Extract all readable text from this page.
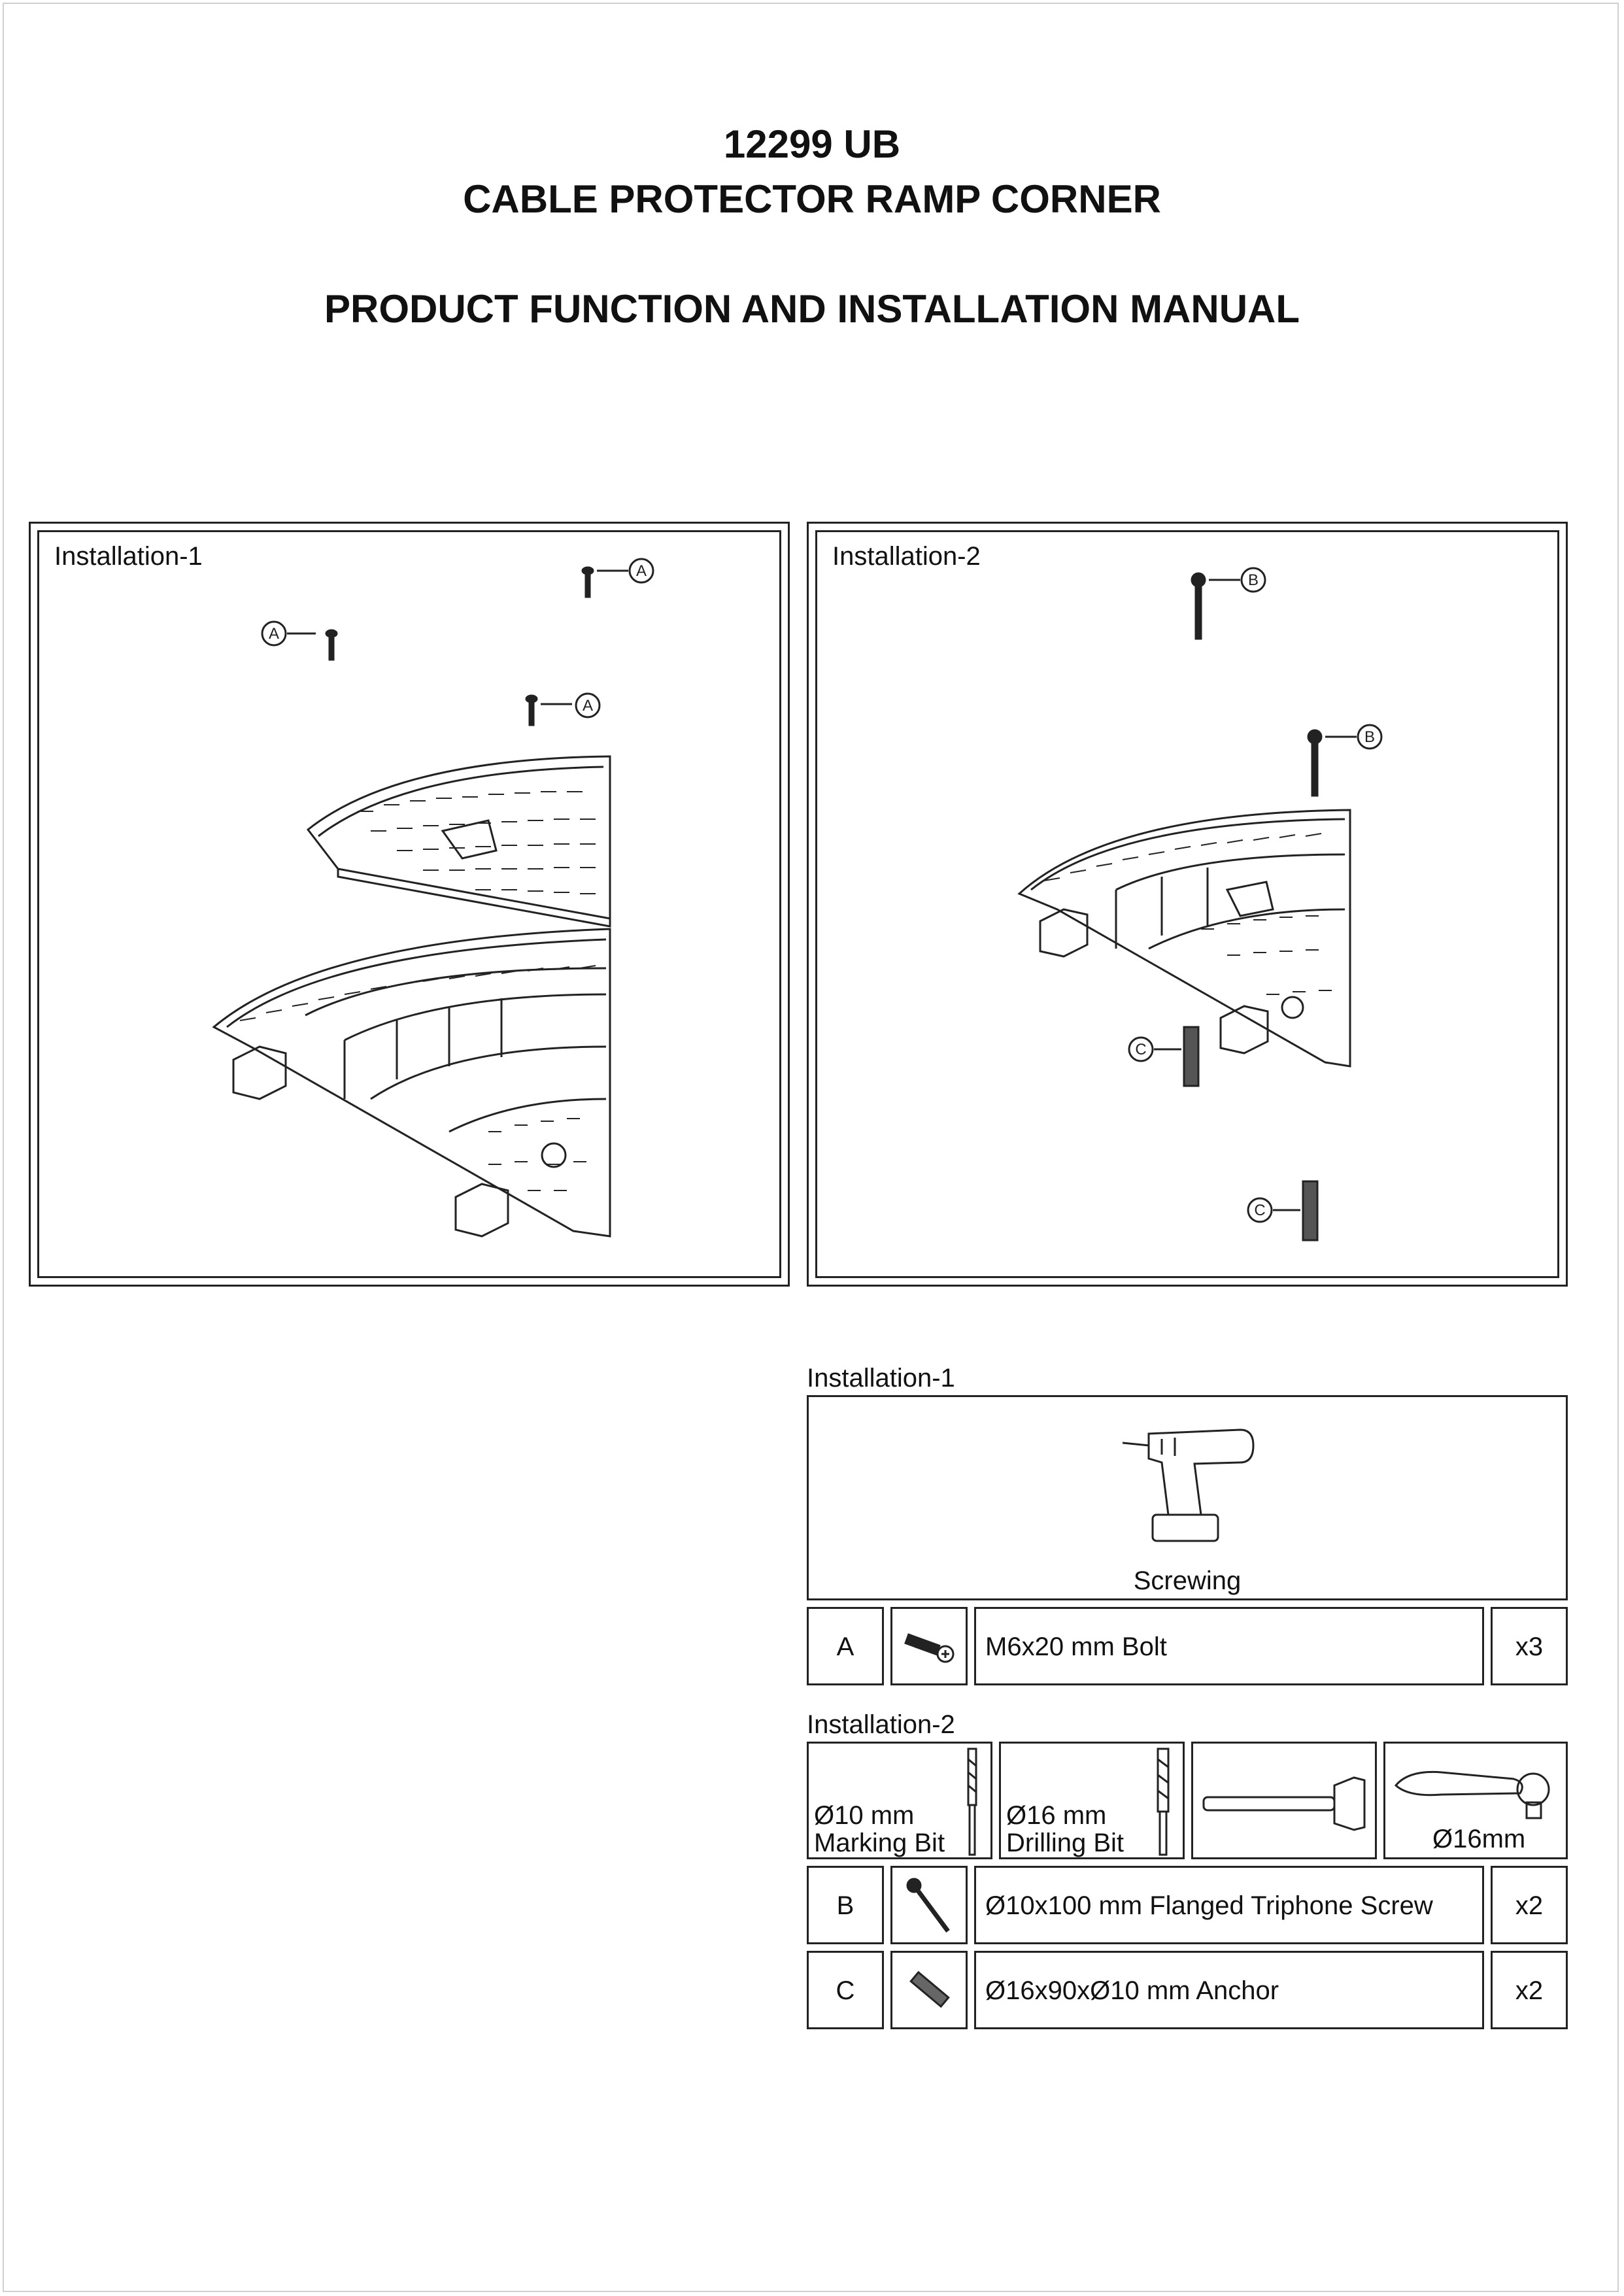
12299 UB
CABLE PROTECTOR RAMP CORNER
PRODUCT FUNCTION AND INSTALLATION MANUAL
Installation-1
A
A
A
Installation-2
B
B
C
C
Installation-1
Screwing
A	M6x20 mm Bolt	x3
Installation-2
Ø10 mm
Marking Bit
Ø16 mm
Drilling Bit	Ø16mm
B	Ø10x100 mm Flanged Triphone Screw	x2
C	Ø16x90xØ10 mm Anchor	x2
